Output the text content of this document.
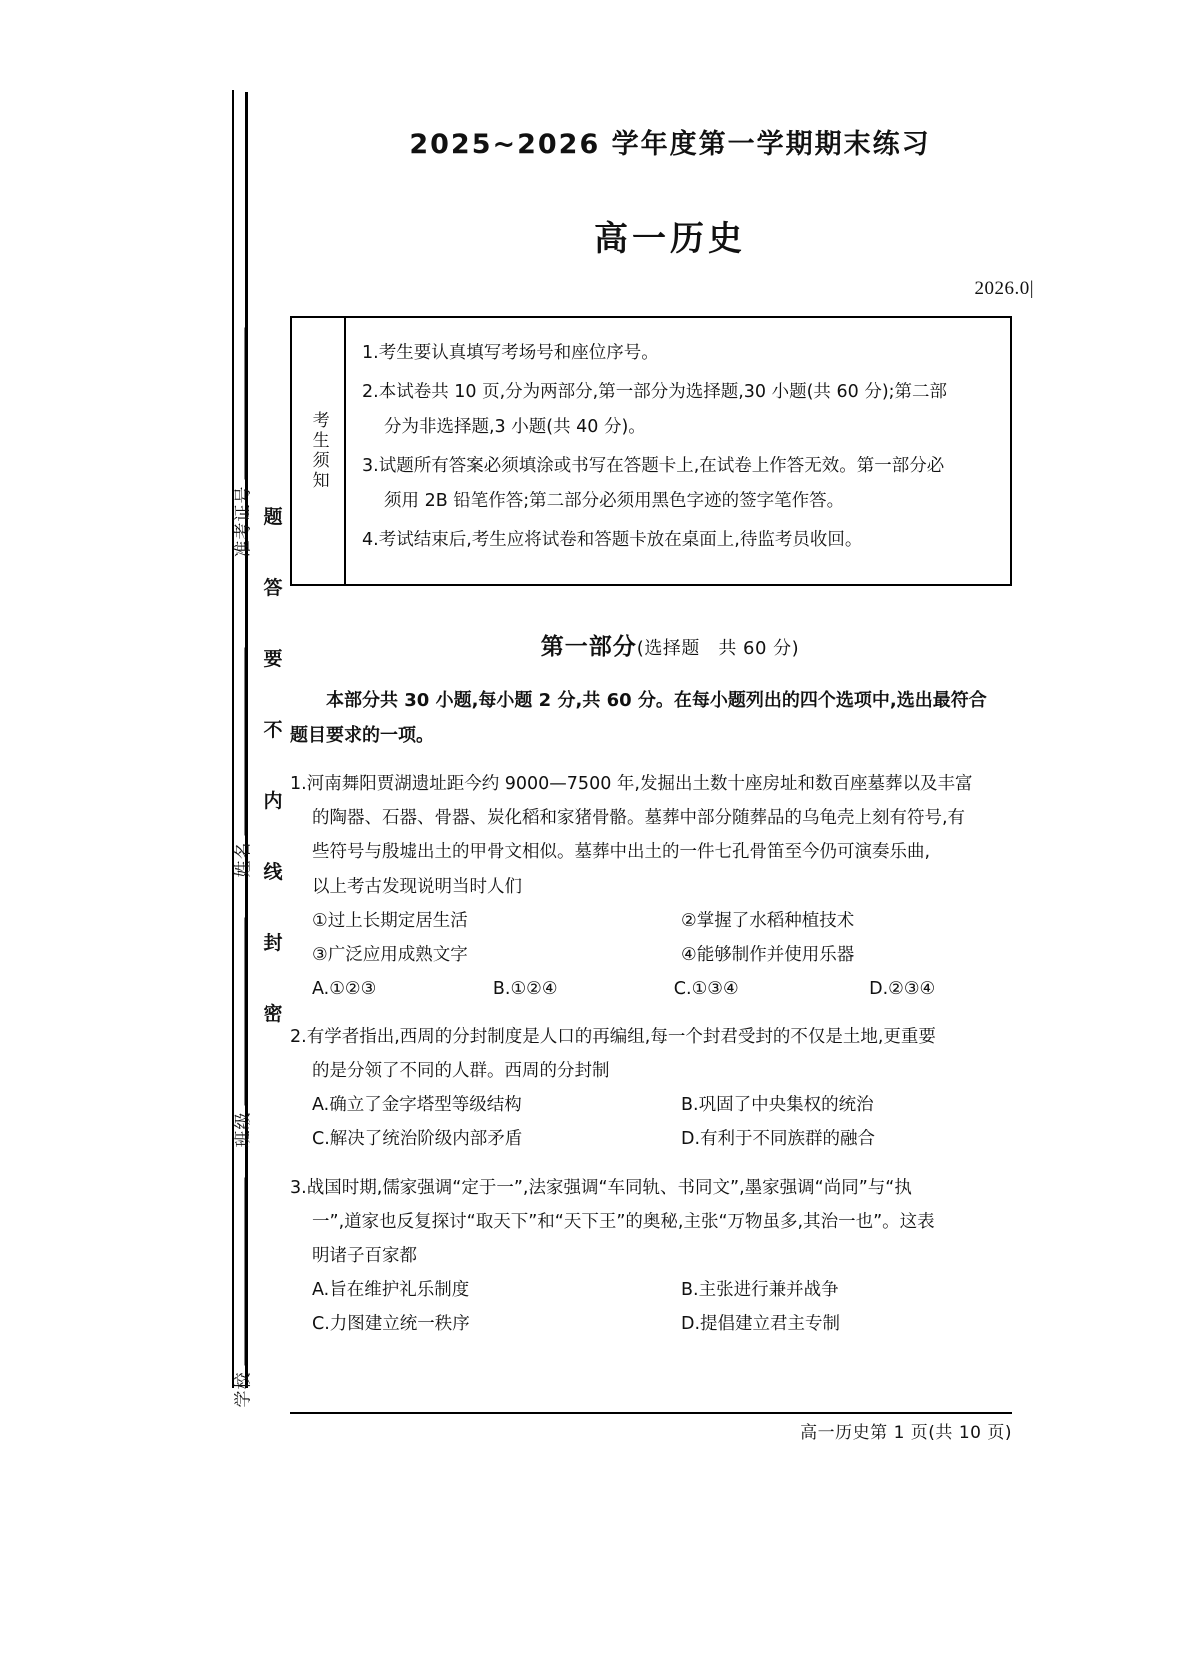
准考证号
姓名
班级
学校
题
答
要
不
内
线
封
密
2025~2026 学年度第一学期期末练习
高一历史
2026.0|
考生须知
1.考生要认真填写考场号和座位序号。
2.本试卷共 10 页,分为两部分,第一部分为选择题,30 小题(共 60 分);第二部
分为非选择题,3 小题(共 40 分)。
3.试题所有答案必须填涂或书写在答题卡上,在试卷上作答无效。第一部分必
须用 2B 铅笔作答;第二部分必须用黑色字迹的签字笔作答。
4.考试结束后,考生应将试卷和答题卡放在桌面上,待监考员收回。
第一部分(选择题　共 60 分)
本部分共 30 小题,每小题 2 分,共 60 分。在每小题列出的四个选项中,选出最符合
题目要求的一项。
1.河南舞阳贾湖遗址距今约 9000—7500 年,发掘出土数十座房址和数百座墓葬以及丰富
的陶器、石器、骨器、炭化稻和家猪骨骼。墓葬中部分随葬品的乌龟壳上刻有符号,有
些符号与殷墟出土的甲骨文相似。墓葬中出土的一件七孔骨笛至今仍可演奏乐曲,
以上考古发现说明当时人们
①过上长期定居生活	②掌握了水稻种植技术
③广泛应用成熟文字	④能够制作并使用乐器
A.①②③	B.①②④	C.①③④	D.②③④
2.有学者指出,西周的分封制度是人口的再编组,每一个封君受封的不仅是土地,更重要
的是分领了不同的人群。西周的分封制
A.确立了金字塔型等级结构	B.巩固了中央集权的统治
C.解决了统治阶级内部矛盾	D.有利于不同族群的融合
3.战国时期,儒家强调“定于一”,法家强调“车同轨、书同文”,墨家强调“尚同”与“执
一”,道家也反复探讨“取天下”和“天下王”的奥秘,主张“万物虽多,其治一也”。这表
明诸子百家都
A.旨在维护礼乐制度	B.主张进行兼并战争
C.力图建立统一秩序	D.提倡建立君主专制
高一历史第 1 页(共 10 页)
